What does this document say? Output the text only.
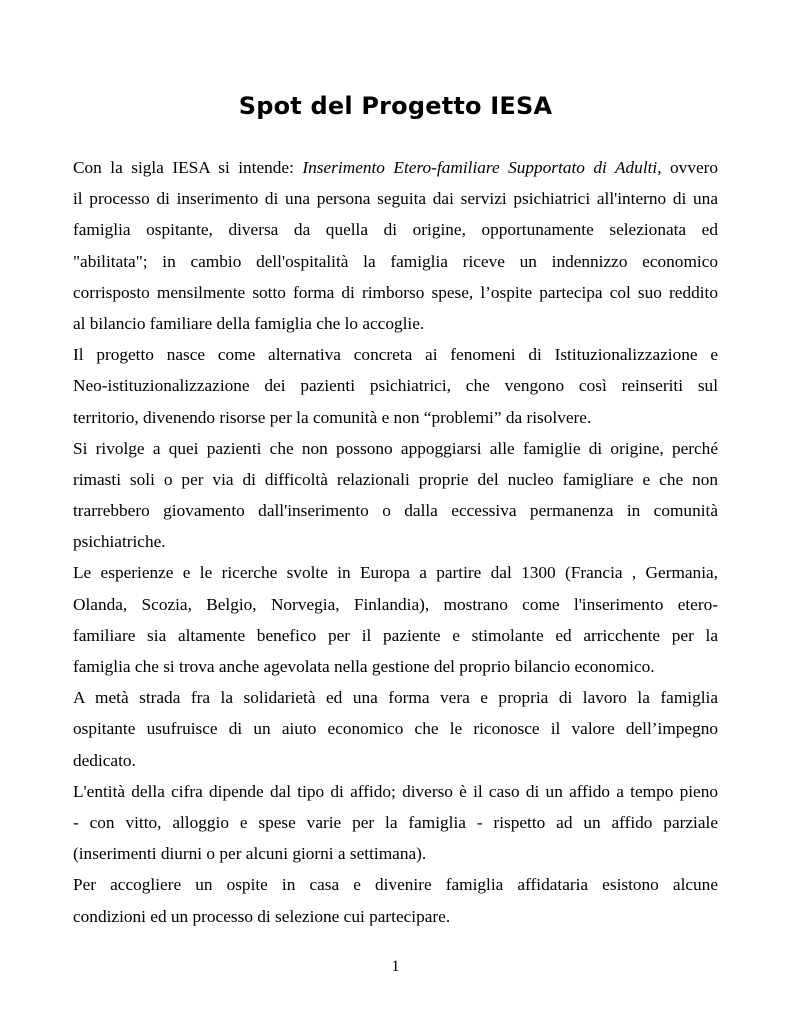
Spot del Progetto IESA
Con la sigla IESA si intende: Inserimento Etero-familiare Supportato di Adulti, ovvero
il processo di inserimento di una persona seguita dai servizi psichiatrici all'interno di una
famiglia ospitante, diversa da quella di origine, opportunamente selezionata ed
"abilitata"; in cambio dell'ospitalità la famiglia riceve un indennizzo economico
corrisposto mensilmente sotto forma di rimborso spese, l’ospite partecipa col suo reddito
al bilancio familiare della famiglia che lo accoglie.
Il progetto nasce come alternativa concreta ai fenomeni di Istituzionalizzazione e
Neo-istituzionalizzazione dei pazienti psichiatrici, che vengono così reinseriti sul
territorio, divenendo risorse per la comunità e non “problemi” da risolvere.
Si rivolge a quei pazienti che non possono appoggiarsi alle famiglie di origine, perché
rimasti soli o per via di difficoltà relazionali proprie del nucleo famigliare e che non
trarrebbero giovamento dall'inserimento o dalla eccessiva permanenza in comunità
psichiatriche.
Le esperienze e le ricerche svolte in Europa a partire dal 1300 (Francia , Germania,
Olanda, Scozia, Belgio, Norvegia, Finlandia), mostrano come l'inserimento etero-
familiare sia altamente benefico per il paziente e stimolante ed arricchente per la
famiglia che si trova anche agevolata nella gestione del proprio bilancio economico.
A metà strada fra la solidarietà ed una forma vera e propria di lavoro la famiglia
ospitante usufruisce di un aiuto economico che le riconosce il valore dell’impegno
dedicato.
L'entità della cifra dipende dal tipo di affido; diverso è il caso di un affido a tempo pieno
- con vitto, alloggio e spese varie per la famiglia - rispetto ad un affido parziale
(inserimenti diurni o per alcuni giorni a settimana).
Per accogliere un ospite in casa e divenire famiglia affidataria esistono alcune
condizioni ed un processo di selezione cui partecipare.

1
